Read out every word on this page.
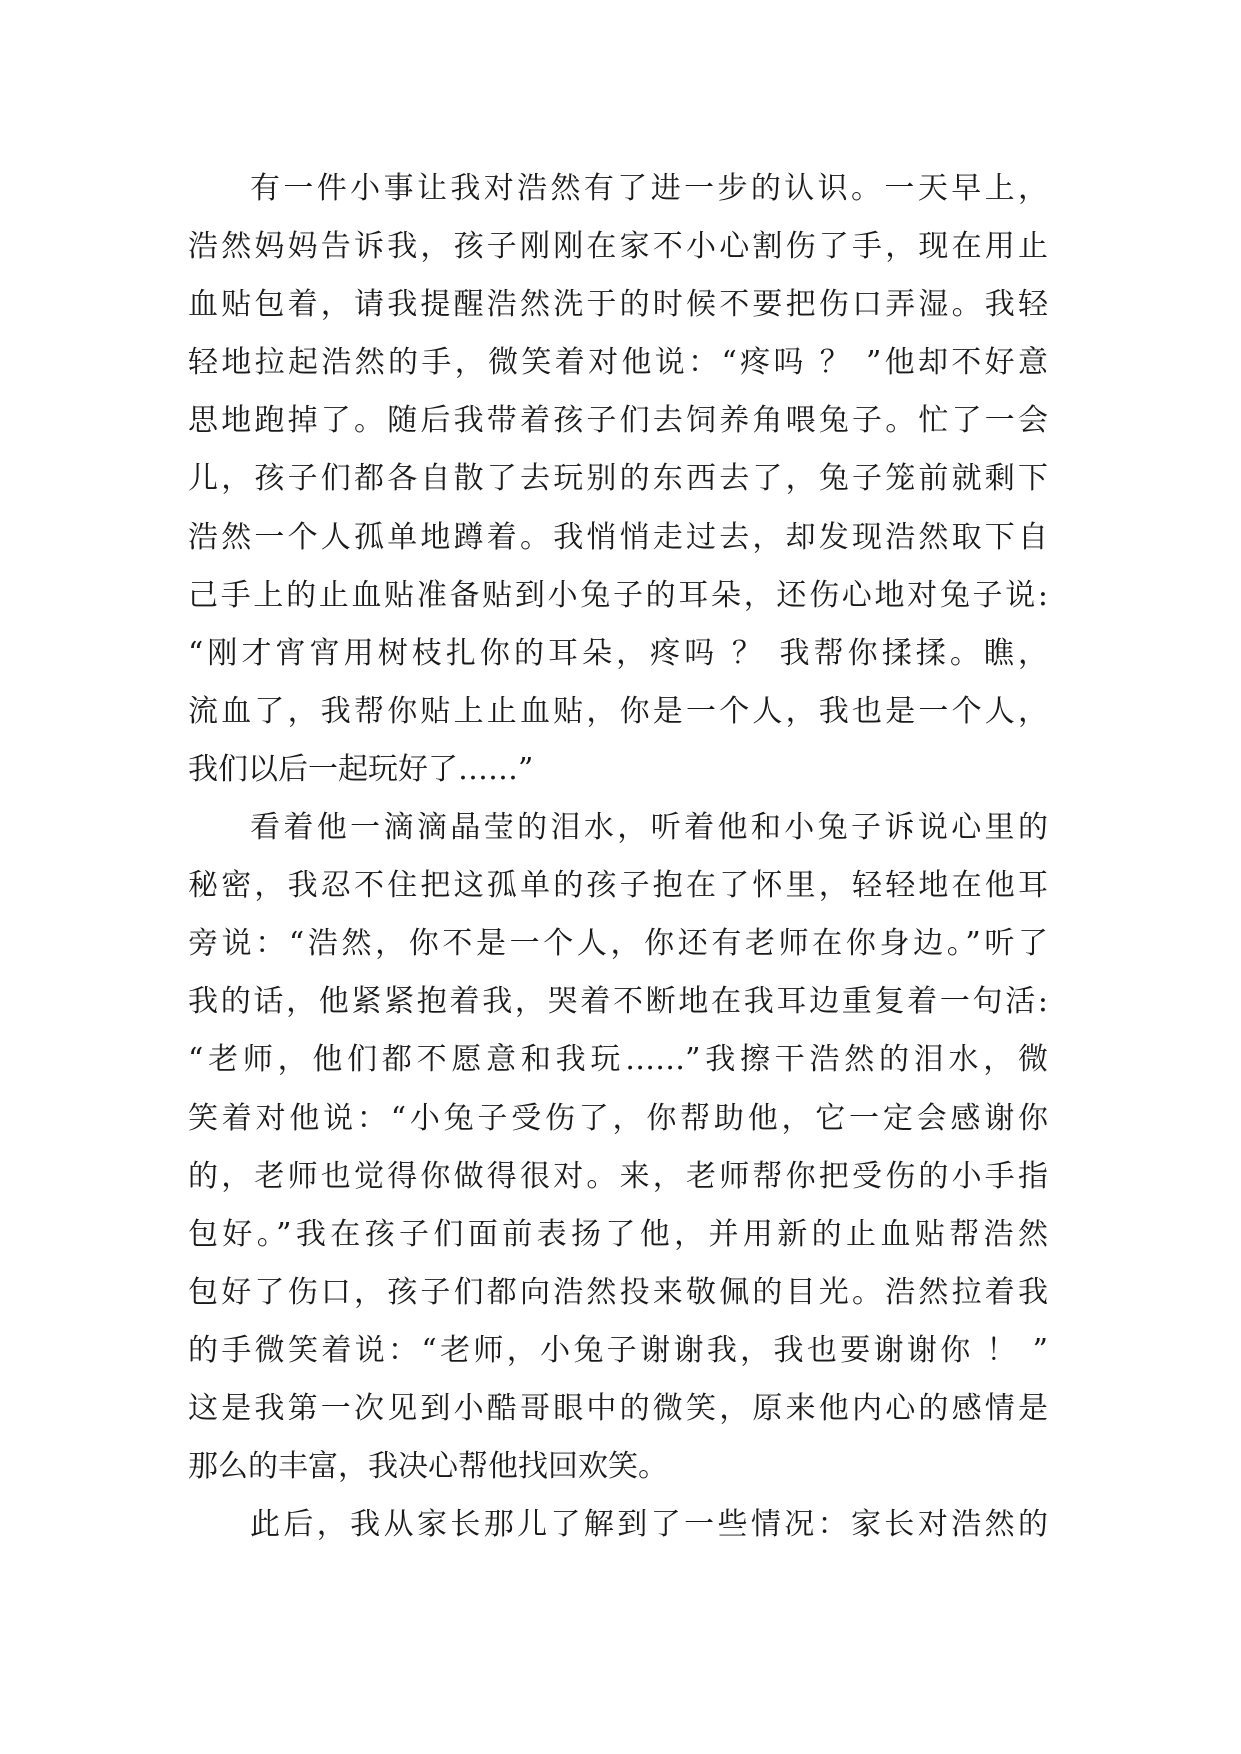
有一件小事让我对浩然有了进一步的认识。一天早上，
浩然妈妈告诉我，孩子刚刚在家不小心割伤了手，现在用止
血贴包着，请我提醒浩然洗于的时候不要把伤口弄湿。我轻
轻地拉起浩然的手，微笑着对他说：“疼吗 ？ ”他却不好意
思地跑掉了。随后我带着孩子们去饲养角喂兔子。忙了一会
儿，孩子们都各自散了去玩别的东西去了，兔子笼前就剩下
浩然一个人孤单地蹲着。我悄悄走过去，却发现浩然取下自
己手上的止血贴准备贴到小兔子的耳朵，还伤心地对兔子说:
“刚才宵宵用树枝扎你的耳朵，疼吗 ？ 我帮你揉揉。瞧，
流血了，我帮你贴上止血贴，你是一个人，我也是一个人，
我们以后一起玩好了……”
看着他一滴滴晶莹的泪水，听着他和小兔子诉说心里的
秘密，我忍不住把这孤单的孩子抱在了怀里，轻轻地在他耳
旁说：“浩然，你不是一个人，你还有老师在你身边。”听了
我的话，他紧紧抱着我，哭着不断地在我耳边重复着一句活:
“老师，他们都不愿意和我玩……”我擦干浩然的泪水，微
笑着对他说：“小兔子受伤了，你帮助他，它一定会感谢你
的，老师也觉得你做得很对。来，老师帮你把受伤的小手指
包好。”我在孩子们面前表扬了他，并用新的止血贴帮浩然
包好了伤口，孩子们都向浩然投来敬佩的目光。浩然拉着我
的手微笑着说：“老师，小兔子谢谢我，我也要谢谢你 ！ ”
这是我第一次见到小酷哥眼中的微笑，原来他内心的感情是
那么的丰富，我决心帮他找回欢笑。
此后，我从家长那儿了解到了一些情况：家长对浩然的
